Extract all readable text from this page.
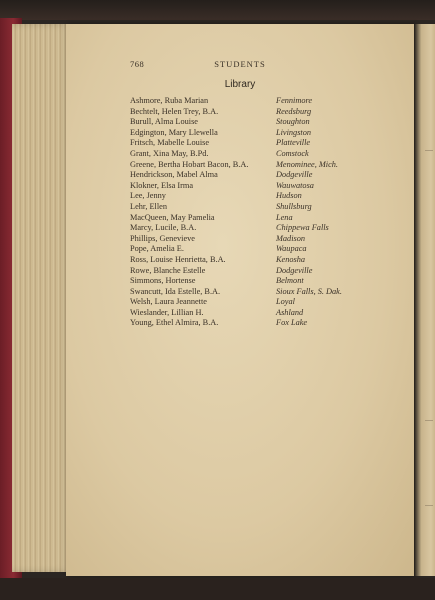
STUDENTS
768
Library
Ashmore, Ruba Marian	Fennimore
Bechtelt, Helen Trey, B.A.	Reedsburg
Burull, Alma Louise	Stoughton
Edgington, Mary Llewella	Livingston
Fritsch, Mabelle Louise	Platteville
Grant, Xina May, B.Pd.	Comstock
Greene, Bertha Hobart Bacon, B.A.	Menominee, Mich.
Hendrickson, Mabel Alma	Dodgeville
Klokner, Elsa Irma	Wauwatosa
Lee, Jenny	Hudson
Lehr, Ellen	Shullsburg
MacQueen, May Pamelia	Lena
Marcy, Lucile, B.A.	Chippewa Falls
Phillips, Genevieve	Madison
Pope, Amelia E.	Waupaca
Ross, Louise Henrietta, B.A.	Kenosha
Rowe, Blanche Estelle	Dodgeville
Simmons, Hortense	Belmont
Swancutt, Ida Estelle, B.A.	Sioux Falls, S. Dak.
Welsh, Laura Jeannette	Loyal
Wieslander, Lillian H.	Ashland
Young, Ethel Almira, B.A.	Fox Lake
